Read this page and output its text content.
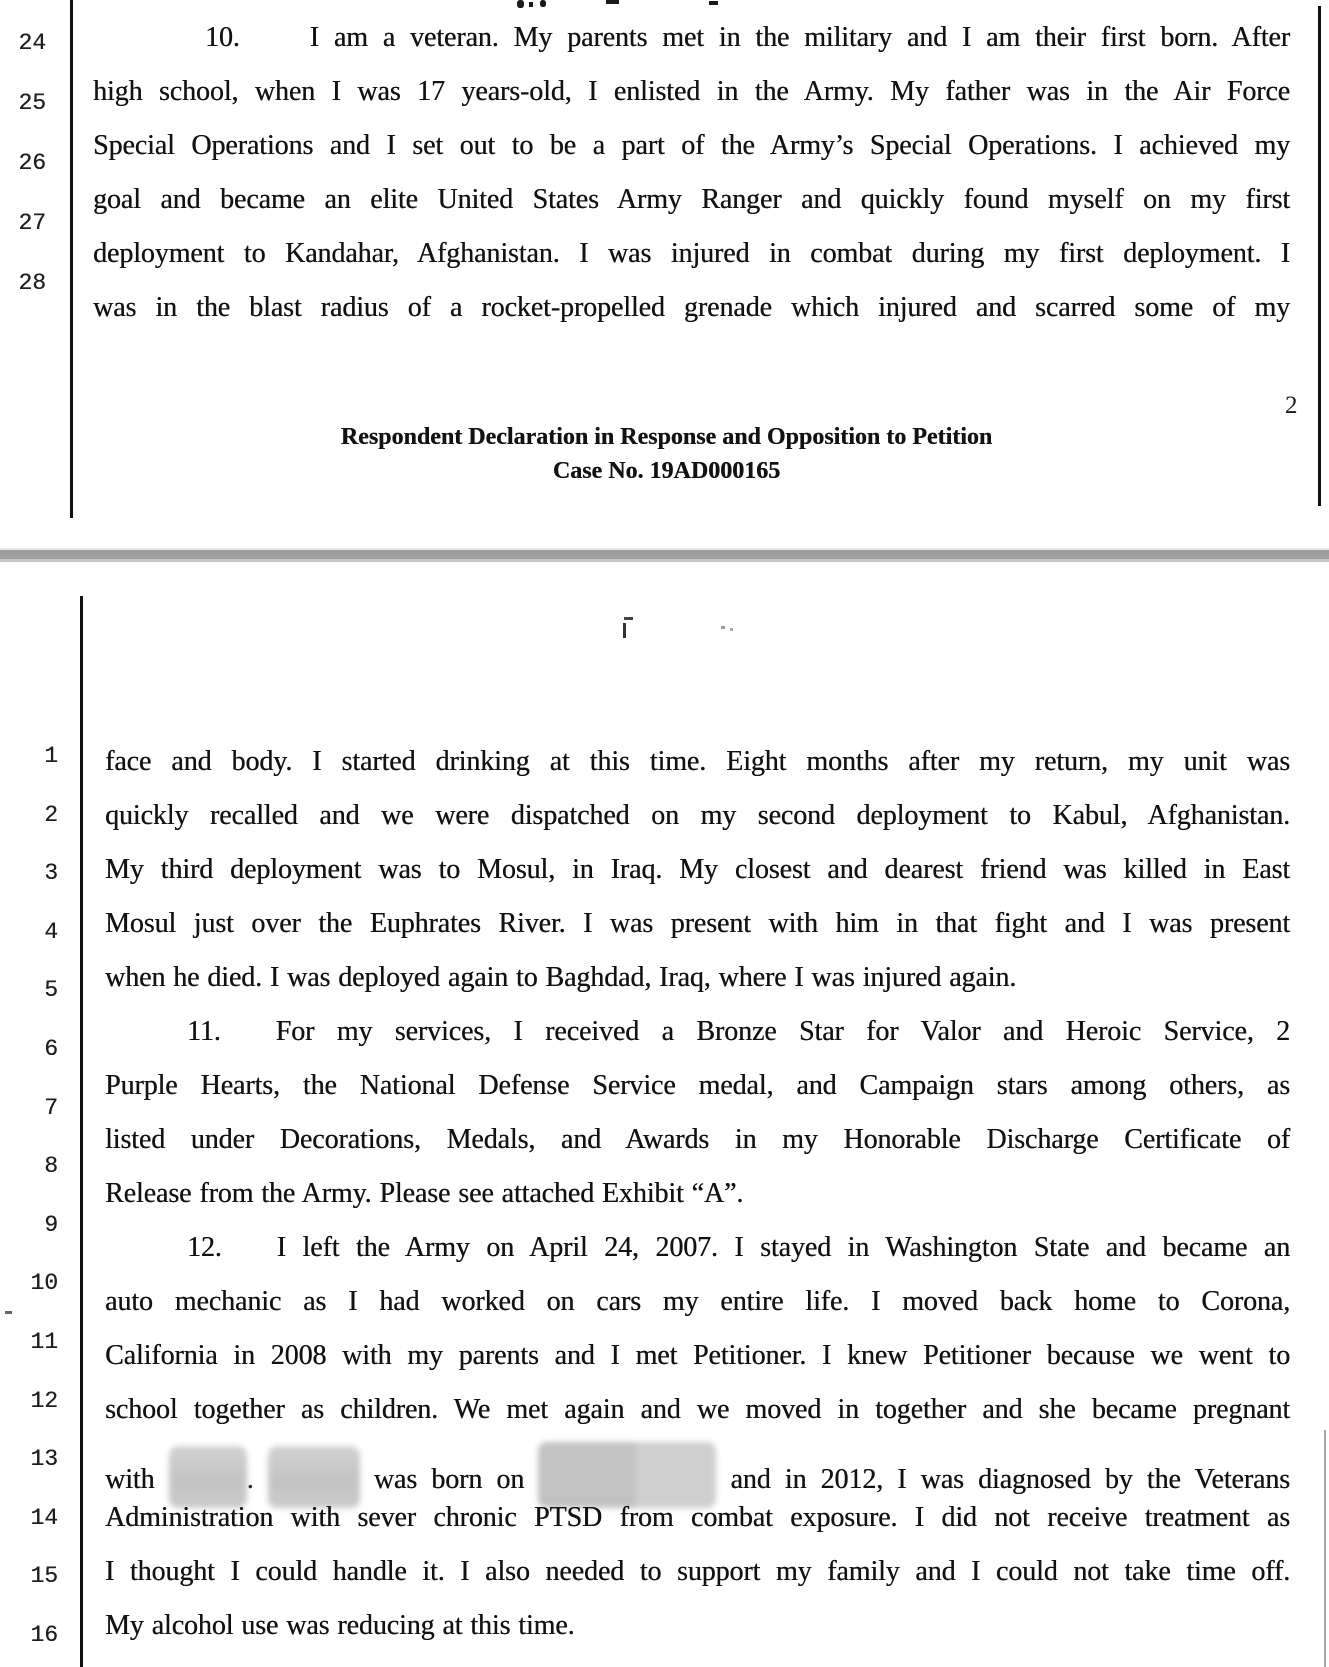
24
25
26
27
28
10.	I am a veteran. My parents met in the military and I am their first born. After
high school, when I was 17 years-old, I enlisted in the Army. My father was in the Air Force
Special Operations and I set out to be a part of the Army’s Special Operations. I achieved my
goal and became an elite United States Army Ranger and quickly found myself on my first
deployment to Kandahar, Afghanistan. I was injured in combat during my first deployment. I
was in the blast radius of a rocket-propelled grenade which injured and scarred some of my
1
2
3
4
5
6
7
8
9
10
11
12
13
14
15
16
face and body. I started drinking at this time. Eight months after my return, my unit was
quickly recalled and we were dispatched on my second deployment to Kabul, Afghanistan.
My third deployment was to Mosul, in Iraq. My closest and dearest friend was killed in East
Mosul just over the Euphrates River. I was present with him in that fight and I was present
when he died. I was deployed again to Baghdad, Iraq, where I was injured again.
11. For my services, I received a Bronze Star for Valor and Heroic Service, 2
Purple Hearts, the National Defense Service medal, and Campaign stars among others, as
listed under Decorations, Medals, and Awards in my Honorable Discharge Certificate of
Release from the Army. Please see attached Exhibit “A”.
12. I left the Army on April 24, 2007. I stayed in Washington State and became an
auto mechanic as I had worked on cars my entire life. I moved back home to Corona,
California in 2008 with my parents and I met Petitioner. I knew Petitioner because we went to
school together as children. We met again and we moved in together and she became pregnant
with	.	was born on	and in 2012, I was diagnosed by the Veterans
Administration with sever chronic PTSD from combat exposure. I did not receive treatment as
I thought I could handle it. I also needed to support my family and I could not take time off.
My alcohol use was reducing at this time.
Respondent Declaration in Response and Opposition to Petition
Case No. 19AD000165
2
